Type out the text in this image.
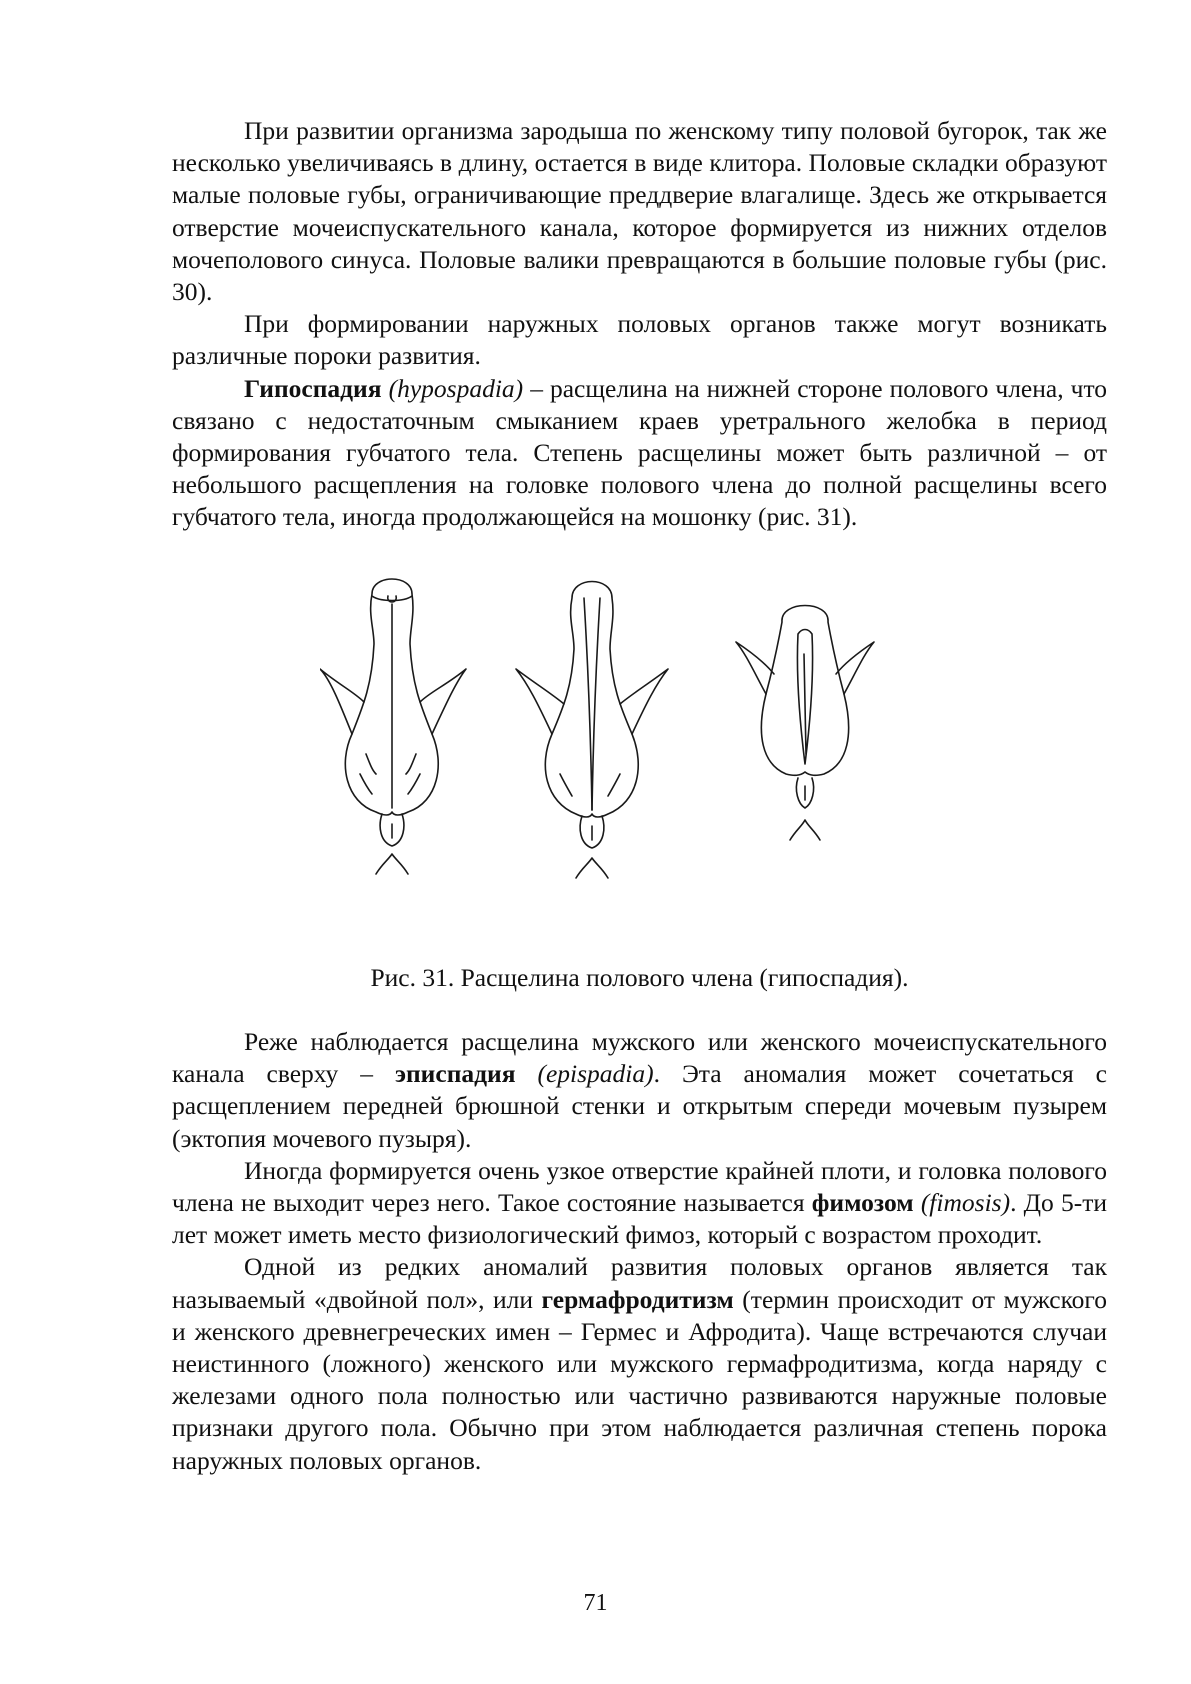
При развитии организма зародыша по женскому типу половой бугорок, так же несколько увеличиваясь в длину, остается в виде клитора. Половые складки образуют малые половые губы, ограничивающие преддверие влагалище. Здесь же открывается отверстие мочеиспускательного канала, которое формируется из нижних отделов мочеполового синуса. Половые валики превращаются в большие половые губы (рис. 30).

При формировании наружных половых органов также могут возникать различные пороки развития.

Гипоспадия (hypospadia) – расщелина на нижней стороне полового члена, что связано с недостаточным смыканием краев уретрального желобка в период формирования губчатого тела. Степень расщелины может быть различной – от небольшого расщепления на головке полового члена до полной расщелины всего губчатого тела, иногда продолжающейся на мошонку (рис. 31).

Рис. 31. Расщелина полового члена (гипоспадия).

Реже наблюдается расщелина мужского или женского мочеиспускательного канала сверху – эписпадия (epispadia). Эта аномалия может сочетаться с расщеплением передней брюшной стенки и открытым спереди мочевым пузырем (эктопия мочевого пузыря).

Иногда формируется очень узкое отверстие крайней плоти, и головка полового члена не выходит через него. Такое состояние называется фимозом (fimosis). До 5-ти лет может иметь место физиологический фимоз, который с возрастом проходит.

Одной из редких аномалий развития половых органов является так называемый «двойной пол», или гермафродитизм (термин происходит от мужского и женского древнегреческих имен – Гермес и Афродита). Чаще встречаются случаи неистинного (ложного) женского или мужского гермафродитизма, когда наряду с железами одного пола полностью или частично развиваются наружные половые признаки другого пола. Обычно при этом наблюдается различная степень порока наружных половых органов.

71
